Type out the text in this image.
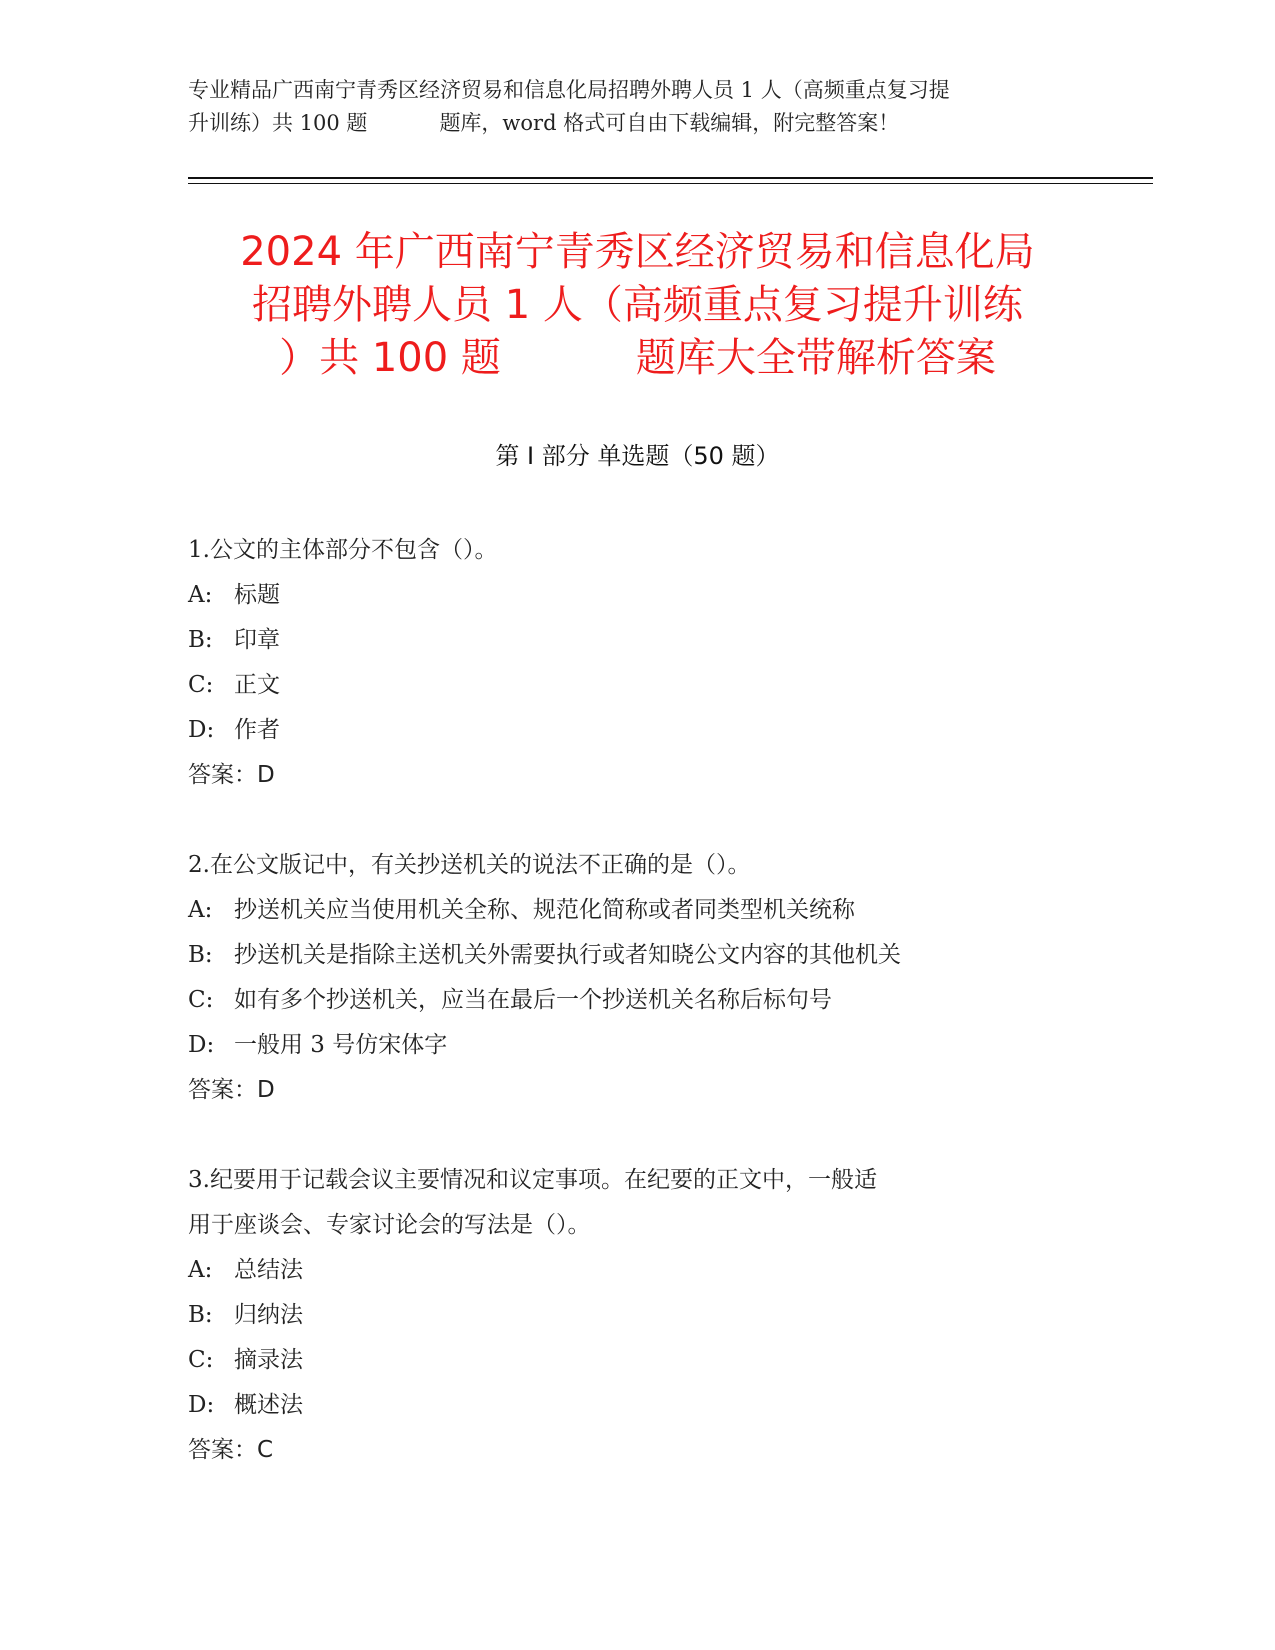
专业精品广西南宁青秀区经济贸易和信息化局招聘外聘人员 1 人（高频重点复习提
升训练）共 100 题	题库，word 格式可自由下载编辑，附完整答案！
2024 年广西南宁青秀区经济贸易和信息化局
招聘外聘人员 1 人（高频重点复习提升训练
）共 100 题	题库大全带解析答案
第 I 部分 单选题（50 题）
1.公文的主体部分不包含（）。
A: 标题
B: 印章
C: 正文
D: 作者
答案：D
2.在公文版记中，有关抄送机关的说法不正确的是（）。
A: 抄送机关应当使用机关全称、规范化简称或者同类型机关统称
B: 抄送机关是指除主送机关外需要执行或者知晓公文内容的其他机关
C: 如有多个抄送机关，应当在最后一个抄送机关名称后标句号
D: 一般用 3 号仿宋体字
答案：D
3.纪要用于记载会议主要情况和议定事项。在纪要的正文中，一般适
用于座谈会、专家讨论会的写法是（）。
A: 总结法
B: 归纳法
C: 摘录法
D: 概述法
答案：C
